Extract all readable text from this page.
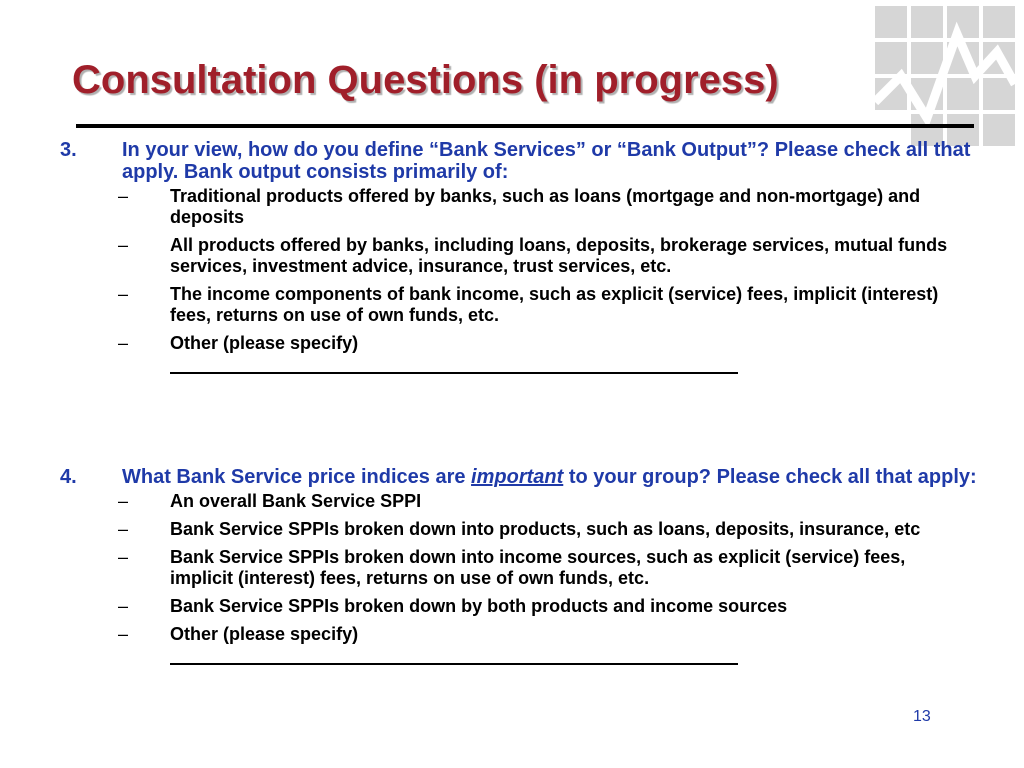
Consultation Questions (in progress)
3. In your view, how do you define “Bank Services” or “Bank Output”? Please check all that apply. Bank output consists primarily of:
– Traditional products offered by banks, such as loans (mortgage and non-mortgage) and deposits
– All products offered by banks, including loans, deposits, brokerage services, mutual funds services, investment advice, insurance, trust services, etc.
– The income components of bank income, such as explicit (service) fees, implicit (interest) fees, returns on use of own funds, etc.
– Other (please specify)
4. What Bank Service price indices are important to your group? Please check all that apply:
– An overall Bank Service SPPI
– Bank Service SPPIs broken down into products, such as loans, deposits, insurance, etc
– Bank Service SPPIs broken down into income sources, such as explicit (service) fees, implicit (interest) fees, returns on use of own funds, etc.
– Bank Service SPPIs broken down by both products and income sources
– Other (please specify)
13
